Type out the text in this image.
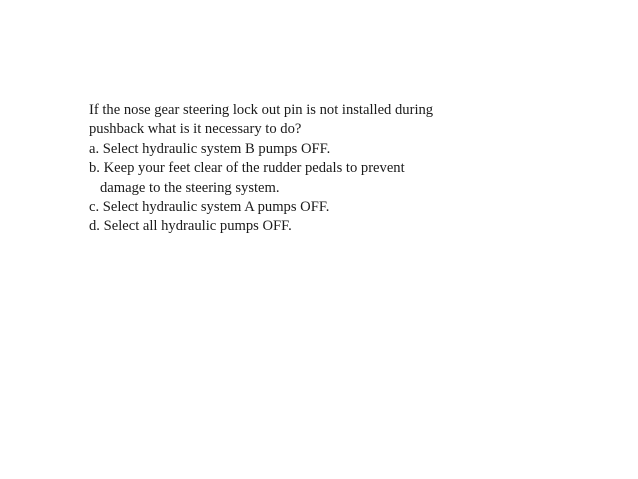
If the nose gear steering lock out pin is not installed during
pushback what is it necessary to do?
a. Select hydraulic system B pumps OFF.
b. Keep your feet clear of the rudder pedals to prevent
damage to the steering system.
c. Select hydraulic system A pumps OFF.
d. Select all hydraulic pumps OFF.
